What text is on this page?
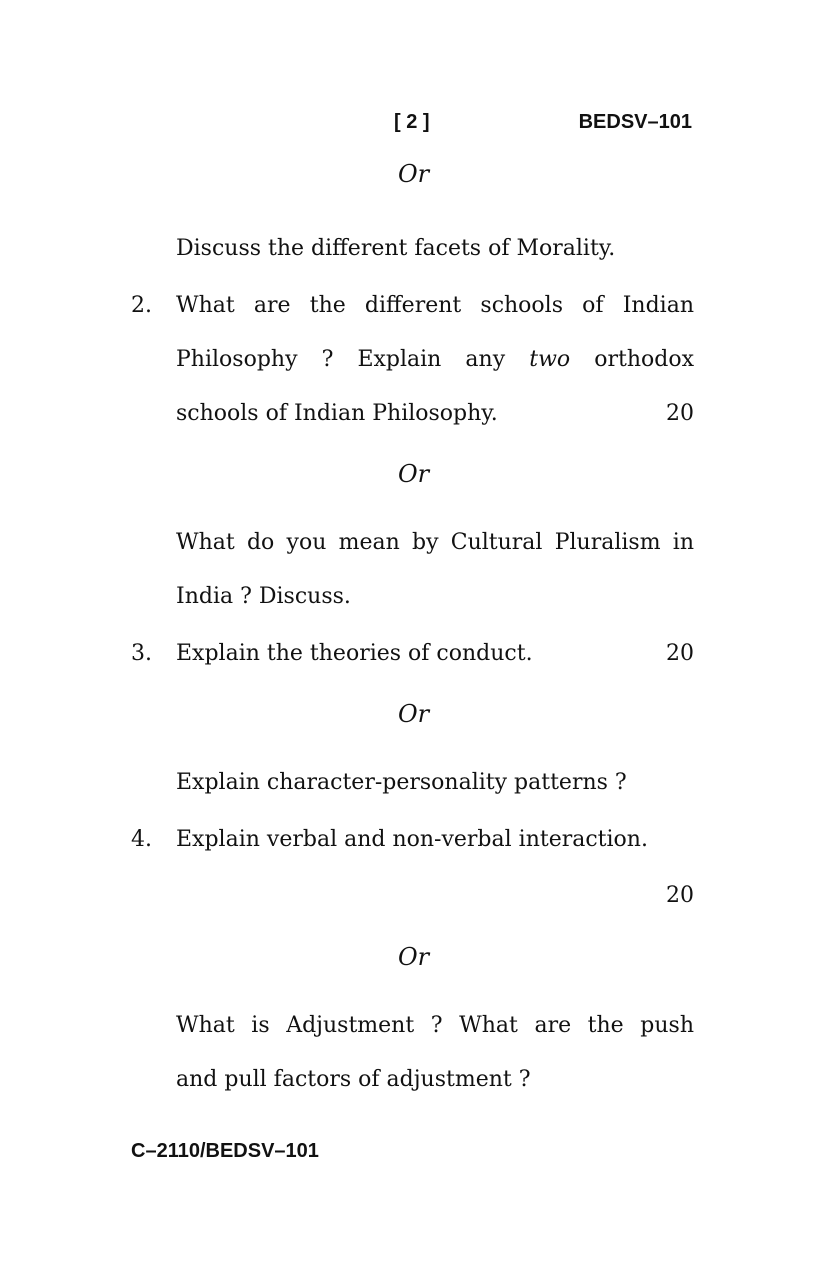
[ 2 ]	BEDSV–101
Or
Discuss the different facets of Morality.
2. What are the different schools of Indian
Philosophy ? Explain any two orthodox
schools of Indian Philosophy.	20
Or
What do you mean by Cultural Pluralism in
India ? Discuss.
3. Explain the theories of conduct.	20
Or
Explain character-personality patterns ?
4. Explain verbal and non-verbal interaction.
20
Or
What is Adjustment ? What are the push
and pull factors of adjustment ?
C–2110/BEDSV–101
